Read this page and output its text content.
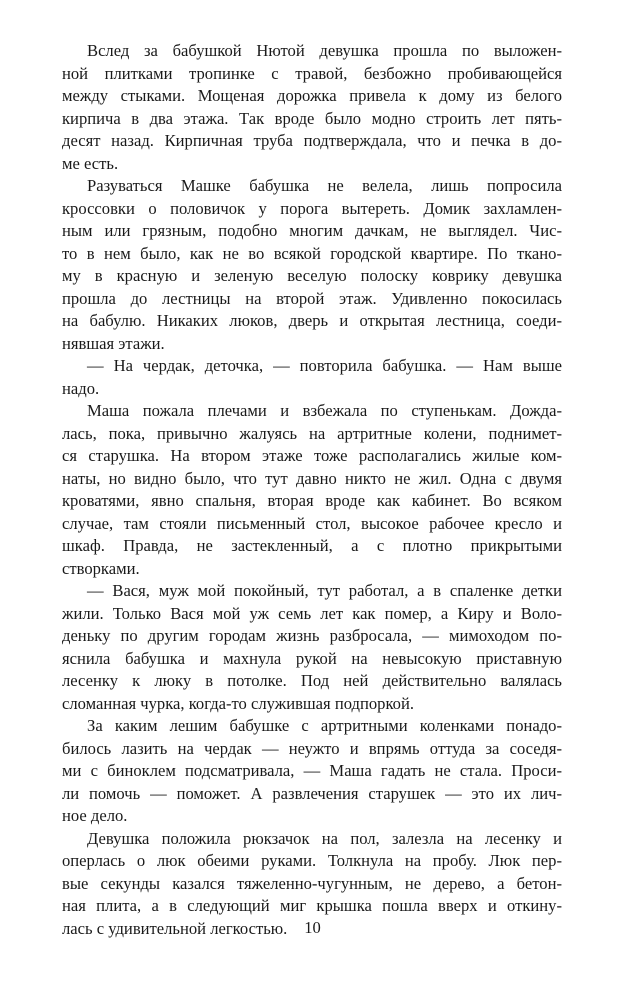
Вслед за бабушкой Нютой девушка прошла по выложен-
ной плитками тропинке с травой, безбожно пробивающейся
между стыками. Мощеная дорожка привела к дому из белого
кирпича в два этажа. Так вроде было модно строить лет пять-
десят назад. Кирпичная труба подтверждала, что и печка в до-
ме есть.
Разуваться Машке бабушка не велела, лишь попросила
кроссовки о половичок у порога вытереть. Домик захламлен-
ным или грязным, подобно многим дачкам, не выглядел. Чис-
то в нем было, как не во всякой городской квартире. По ткано-
му в красную и зеленую веселую полоску коврику девушка
прошла до лестницы на второй этаж. Удивленно покосилась
на бабулю. Никаких люков, дверь и открытая лестница, соеди-
нявшая этажи.
— На чердак, деточка, — повторила бабушка. — Нам выше
надо.
Маша пожала плечами и взбежала по ступенькам. Дожда-
лась, пока, привычно жалуясь на артритные колени, поднимет-
ся старушка. На втором этаже тоже располагались жилые ком-
наты, но видно было, что тут давно никто не жил. Одна с двумя
кроватями, явно спальня, вторая вроде как кабинет. Во всяком
случае, там стояли письменный стол, высокое рабочее кресло и
шкаф. Правда, не застекленный, а с плотно прикрытыми
створками.
— Вася, муж мой покойный, тут работал, а в спаленке детки
жили. Только Вася мой уж семь лет как помер, а Киру и Воло-
деньку по другим городам жизнь разбросала, — мимоходом по-
яснила бабушка и махнула рукой на невысокую приставную
лесенку к люку в потолке. Под ней действительно валялась
сломанная чурка, когда-то служившая подпоркой.
За каким лешим бабушке с артритными коленками понадо-
билось лазить на чердак — неужто и впрямь оттуда за соседя-
ми с биноклем подсматривала, — Маша гадать не стала. Проси-
ли помочь — поможет. А развлечения старушек — это их лич-
ное дело.
Девушка положила рюкзачок на пол, залезла на лесенку и
оперлась о люк обеими руками. Толкнула на пробу. Люк пер-
вые секунды казался тяжеленно-чугунным, не дерево, а бетон-
ная плита, а в следующий миг крышка пошла вверх и откину-
лась с удивительной легкостью.	10
